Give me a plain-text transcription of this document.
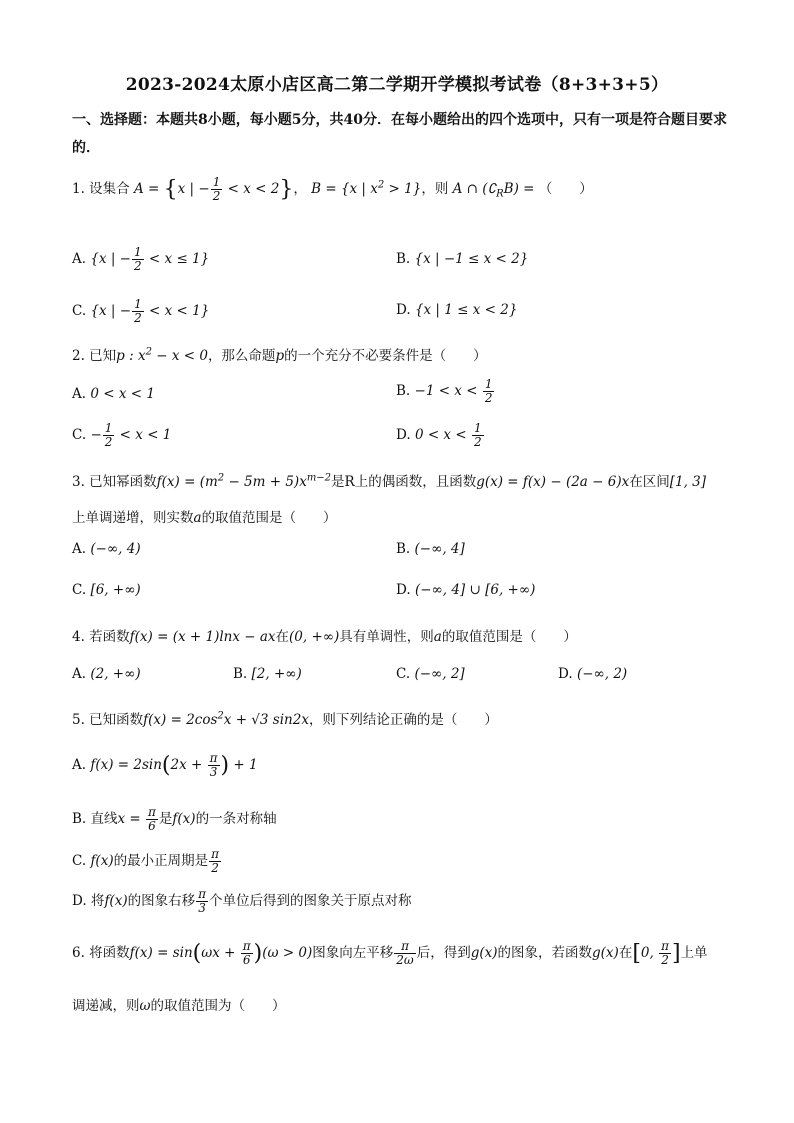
2023-2024太原小店区高二第二学期开学模拟考试卷（8+3+3+5）
一、选择题：本题共8小题，每小题5分，共40分．在每小题给出的四个选项中，只有一项是符合题目要求的．
1. 设集合 A = {x | − $\frac{1}{2} < x < 2$}， B = {x | $x^2 > 1$}，则 A ∩ $(∁_RB)$ = （　　）
A. {x | − $\frac{1}{2} < x \le 1$}	B. {x | −1 ≤ x < 2}
C. {x | − $\frac{1}{2} < x < 1$}	D. {x | 1 ≤ x < 2}
2. 已知p : $x^2 - x < 0$，那么命题p的一个充分不必要条件是（　　）
A. 0 < x < 1	B. $-1 < x < \frac{1}{2}$
C. − $\frac{1}{2} < x < 1$	D. $0 < x < \frac{1}{2}$
3. 已知幂函数$f(x) = (m^2 - 5m + 5)x^{m-2}$是R上的偶函数，且函数g(x) = f(x) − (2a − 6)x在区间[1, 3]
上单调递增，则实数a的取值范围是（　　）
A. (−∞, 4)	B. (−∞, 4]
C. [6, +∞)	D. (−∞, 4] ∪ [6, +∞)
4. 若函数f(x) = (x + 1)lnx − ax在(0, +∞)具有单调性，则a的取值范围是（　　）
A. (2, +∞)	B. [2, +∞)	C. (−∞, 2]	D. (−∞, 2)
5. 已知函数$f(x) = 2\cos^2x + √3$ sin2x，则下列结论正确的是（　　）
A. $f(x) = 2\sin(2x + \frac{\pi}{3}$ ) + 1
B. 直线$x = \frac{\pi}{6}$ 是f(x)的一条对称轴
C. f(x)的最小正周期是 $\frac{\pi}{2}$
D. 将f(x)的图象右移 $\frac{\pi}{3}$ 个单位后得到的图象关于原点对称
6. 将函数$f(x) = \sin(\omega x + \frac{\pi}{6} )(\omega > 0)$图象向左平移 $\frac{\pi}{2\omega}$ 后，得到g(x)的图象，若函数g(x)在[0, $\frac{\pi}{2}$ ]上单
调递减，则ω的取值范围为（　　）
